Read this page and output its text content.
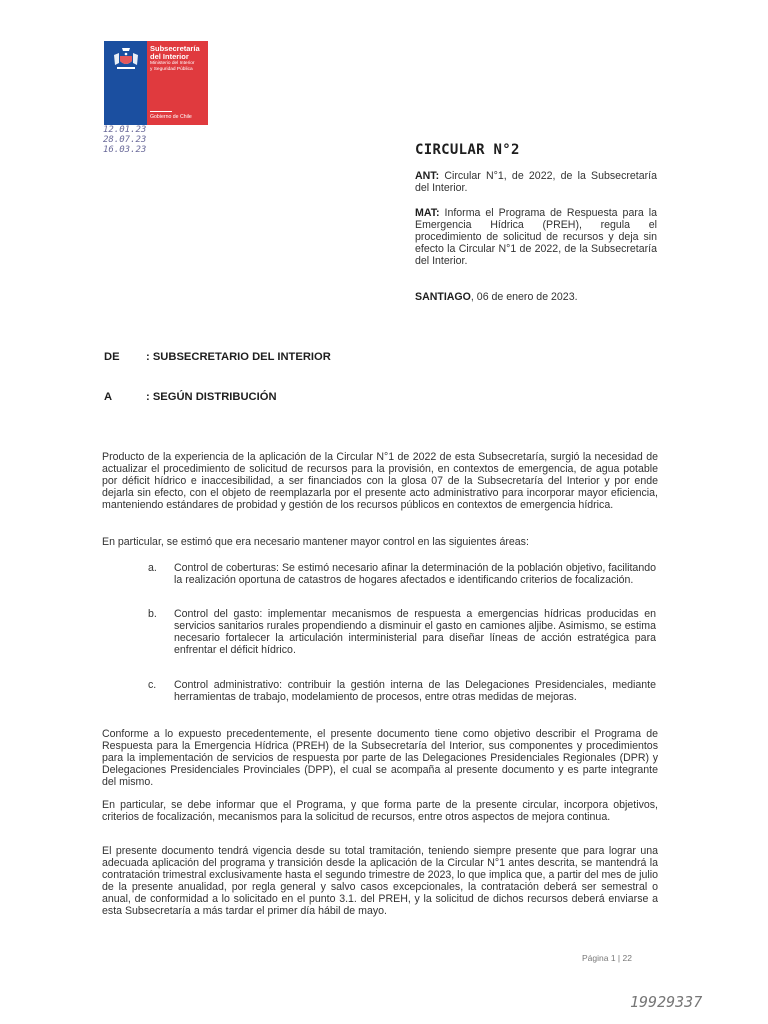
Subsecretaría
del Interior
Ministerio del Interior
y Seguridad Pública
Gobierno de Chile
12.01.23
28.07.23
16.03.23	CIRCULAR N°2
ANT: Circular N°1, de 2022, de la Subsecretaría del Interior.
MAT: Informa el Programa de Respuesta para la Emergencia Hídrica (PREH), regula el procedimiento de solicitud de recursos y deja sin efecto la Circular N°1 de 2022, de la Subsecretaría del Interior.
SANTIAGO, 06 de enero de 2023.
DE : SUBSECRETARIO DEL INTERIOR
A	: SEGÚN DISTRIBUCIÓN

Producto de la experiencia de la aplicación de la Circular N°1 de 2022 de esta Subsecretaría, surgió la necesidad de actualizar el procedimiento de solicitud de recursos para la provisión, en contextos de emergencia, de agua potable por déficit hídrico e inaccesibilidad, a ser financiados con la glosa 07 de la Subsecretaría del Interior y por ende dejarla sin efecto, con el objeto de reemplazarla por el presente acto administrativo para incorporar mayor eficiencia, manteniendo estándares de probidad y gestión de los recursos públicos en contextos de emergencia hídrica.

En particular, se estimó que era necesario mantener mayor control en las siguientes áreas:

a. Control de coberturas: Se estimó necesario afinar la determinación de la población objetivo, facilitando la realización oportuna de catastros de hogares afectados e identificando criterios de focalización.
b. Control del gasto: implementar mecanismos de respuesta a emergencias hídricas producidas en servicios sanitarios rurales propendiendo a disminuir el gasto en camiones aljibe. Asimismo, se estima necesario fortalecer la articulación interministerial para diseñar líneas de acción estratégica para enfrentar el déficit hídrico.
c. Control administrativo: contribuir la gestión interna de las Delegaciones Presidenciales, mediante herramientas de trabajo, modelamiento de procesos, entre otras medidas de mejoras.

Conforme a lo expuesto precedentemente, el presente documento tiene como objetivo describir el Programa de Respuesta para la Emergencia Hídrica (PREH) de la Subsecretaría del Interior, sus componentes y procedimientos para la implementación de servicios de respuesta por parte de las Delegaciones Presidenciales Regionales (DPR) y Delegaciones Presidenciales Provinciales (DPP), el cual se acompaña al presente documento y es parte integrante del mismo.

En particular, se debe informar que el Programa, y que forma parte de la presente circular, incorpora objetivos, criterios de focalización, mecanismos para la solicitud de recursos, entre otros aspectos de mejora continua.

El presente documento tendrá vigencia desde su total tramitación, teniendo siempre presente que para lograr una adecuada aplicación del programa y transición desde la aplicación de la Circular N°1 antes descrita, se mantendrá la contratación trimestral exclusivamente hasta el segundo trimestre de 2023, lo que implica que, a partir del mes de julio de la presente anualidad, por regla general y salvo casos excepcionales, la contratación deberá ser semestral o anual, de conformidad a lo solicitado en el punto 3.1. del PREH, y la solicitud de dichos recursos deberá enviarse a esta Subsecretaría a más tardar el primer día hábil de mayo.

Página 1 | 22
19929337
